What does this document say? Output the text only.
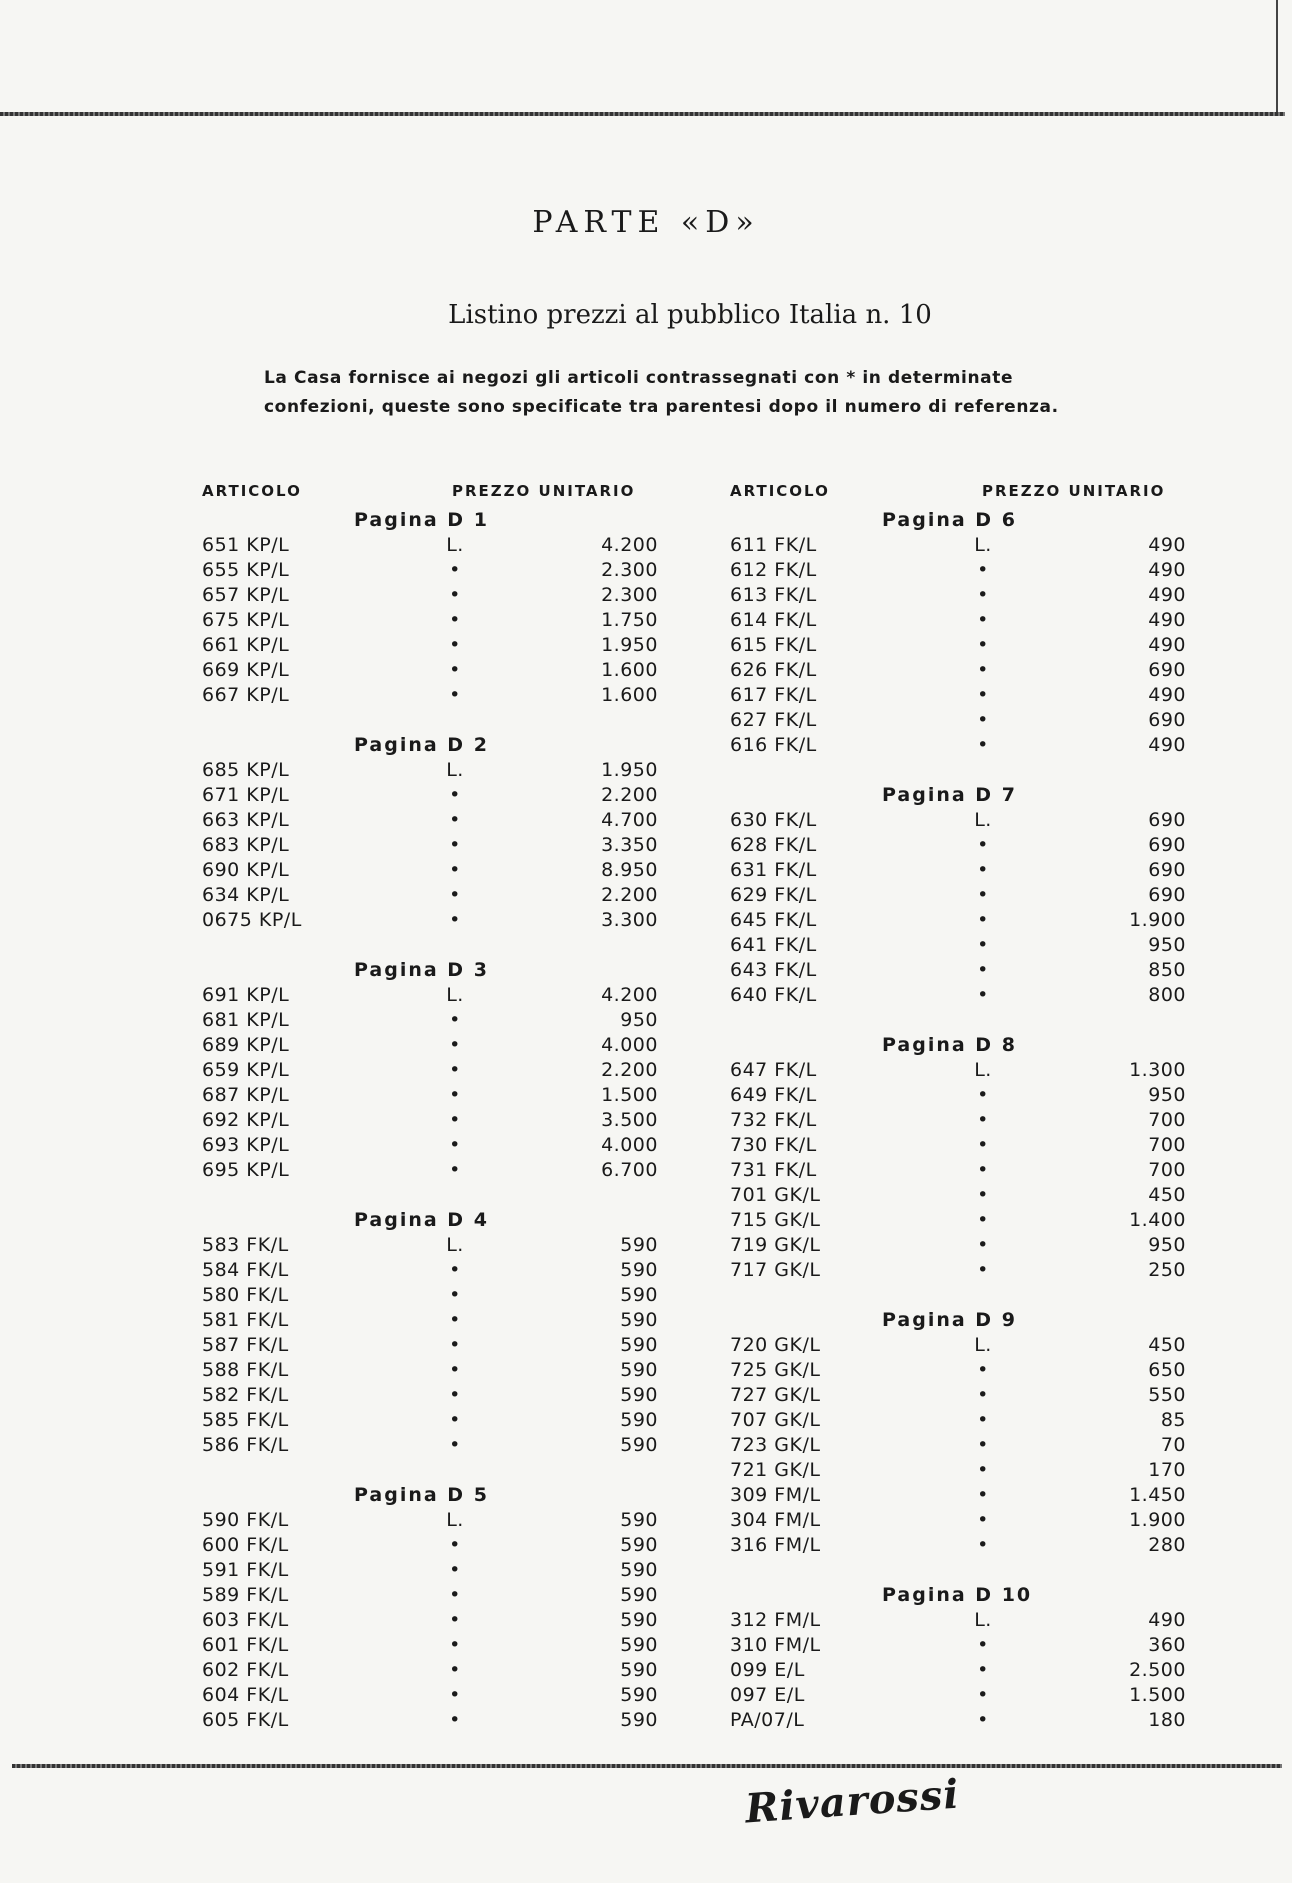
PARTE «D»
Listino prezzi al pubblico Italia n. 10
La Casa fornisce ai negozi gli articoli contrassegnati con * in determinate confezioni, queste sono specificate tra parentesi dopo il numero di referenza.
ARTICOLO	PREZZO UNITARIO	ARTICOLO	PREZZO UNITARIO
Pagina D 1
651 KP/L	L.	4.200
655 KP/L	•	2.300
657 KP/L	•	2.300
675 KP/L	•	1.750
661 KP/L	•	1.950
669 KP/L	•	1.600
667 KP/L	•	1.600
Pagina D 2
685 KP/L	L.	1.950
671 KP/L	•	2.200
663 KP/L	•	4.700
683 KP/L	•	3.350
690 KP/L	•	8.950
634 KP/L	•	2.200
0675 KP/L	•	3.300
Pagina D 3
691 KP/L	L.	4.200
681 KP/L	•	950
689 KP/L	•	4.000
659 KP/L	•	2.200
687 KP/L	•	1.500
692 KP/L	•	3.500
693 KP/L	•	4.000
695 KP/L	•	6.700
Pagina D 4
583 FK/L	L.	590
584 FK/L	•	590
580 FK/L	•	590
581 FK/L	•	590
587 FK/L	•	590
588 FK/L	•	590
582 FK/L	•	590
585 FK/L	•	590
586 FK/L	•	590
Pagina D 5
590 FK/L	L.	590
600 FK/L	•	590
591 FK/L	•	590
589 FK/L	•	590
603 FK/L	•	590
601 FK/L	•	590
602 FK/L	•	590
604 FK/L	•	590
605 FK/L	•	590
Pagina D 6
611 FK/L	L.	490
612 FK/L	•	490
613 FK/L	•	490
614 FK/L	•	490
615 FK/L	•	490
626 FK/L	•	690
617 FK/L	•	490
627 FK/L	•	690
616 FK/L	•	490
Pagina D 7
630 FK/L	L.	690
628 FK/L	•	690
631 FK/L	•	690
629 FK/L	•	690
645 FK/L	•	1.900
641 FK/L	•	950
643 FK/L	•	850
640 FK/L	•	800
Pagina D 8
647 FK/L	L.	1.300
649 FK/L	•	950
732 FK/L	•	700
730 FK/L	•	700
731 FK/L	•	700
701 GK/L	•	450
715 GK/L	•	1.400
719 GK/L	•	950
717 GK/L	•	250
Pagina D 9
720 GK/L	L.	450
725 GK/L	•	650
727 GK/L	•	550
707 GK/L	•	85
723 GK/L	•	70
721 GK/L	•	170
309 FM/L	•	1.450
304 FM/L	•	1.900
316 FM/L	•	280
Pagina D 10
312 FM/L	L.	490
310 FM/L	•	360
099 E/L	•	2.500
097 E/L	•	1.500
PA/07/L	•	180
Rivarossi
